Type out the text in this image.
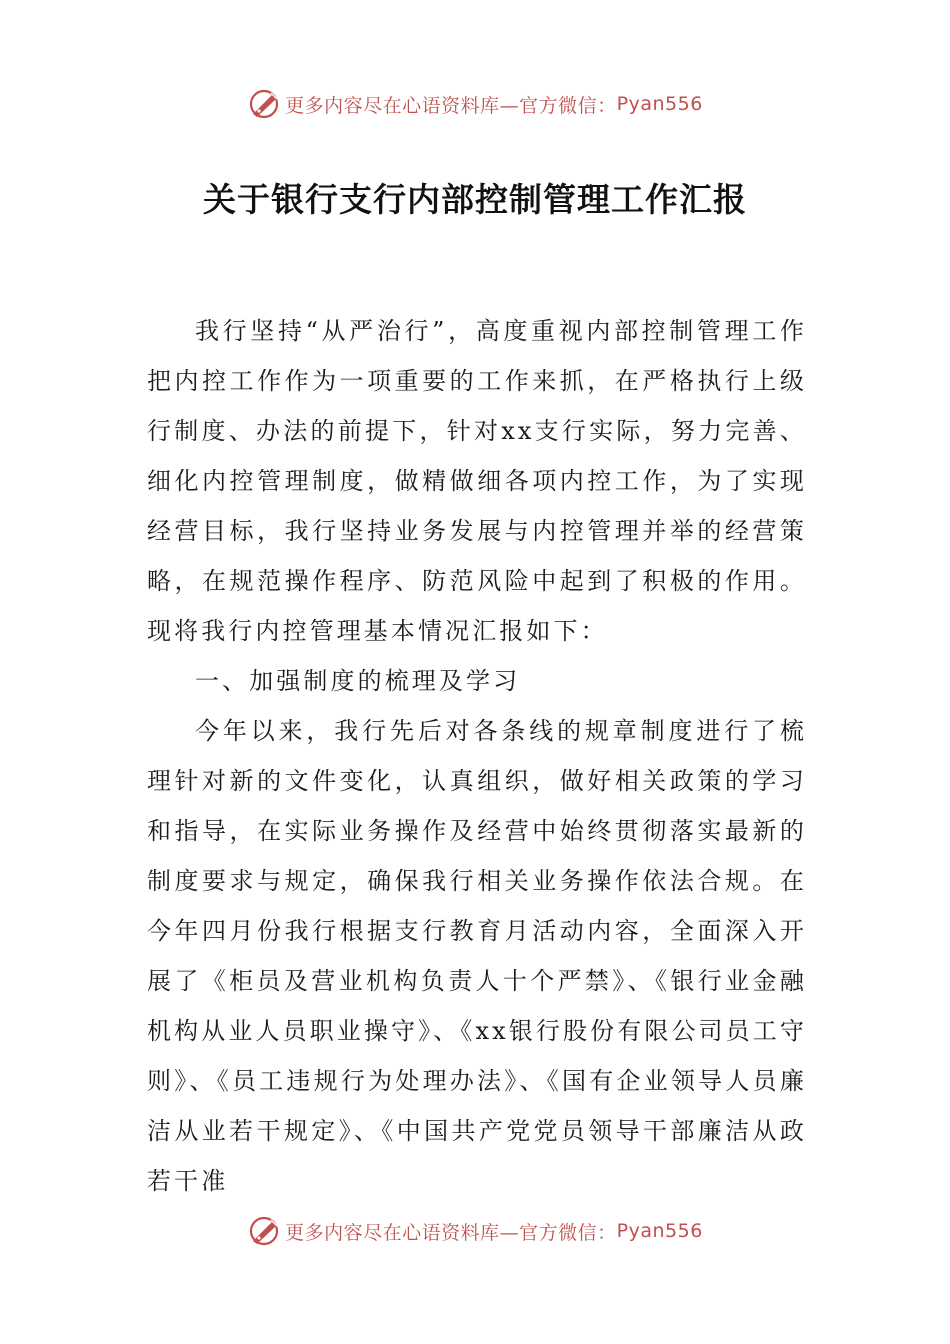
更多内容尽在心语资料库—官方微信： Pyan556
关于银行支行内部控制管理工作汇报

我行坚持“从严治行”，高度重视内部控制管理工作把内控工作作为一项重要的工作来抓，在严格执行上级行制度、办法的前提下，针对xx支行实际，努力完善、细化内控管理制度，做精做细各项内控工作，为了实现经营目标，我行坚持业务发展与内控管理并举的经营策略，在规范操作程序、防范风险中起到了积极的作用。现将我行内控管理基本情况汇报如下：

一、加强制度的梳理及学习

今年以来，我行先后对各条线的规章制度进行了梳理针对新的文件变化，认真组织，做好相关政策的学习和指导，在实际业务操作及经营中始终贯彻落实最新的制度要求与规定，确保我行相关业务操作依法合规。在今年四月份我行根据支行教育月活动内容，全面深入开展了《柜员及营业机构负责人十个严禁》、《银行业金融机构从业人员职业操守》、《xx银行股份有限公司员工守则》、《员工违规行为处理办法》、《国有企业领导人员廉洁从业若干规定》、《中国共产党党员领导干部廉洁从政若干准

更多内容尽在心语资料库—官方微信： Pyan556
